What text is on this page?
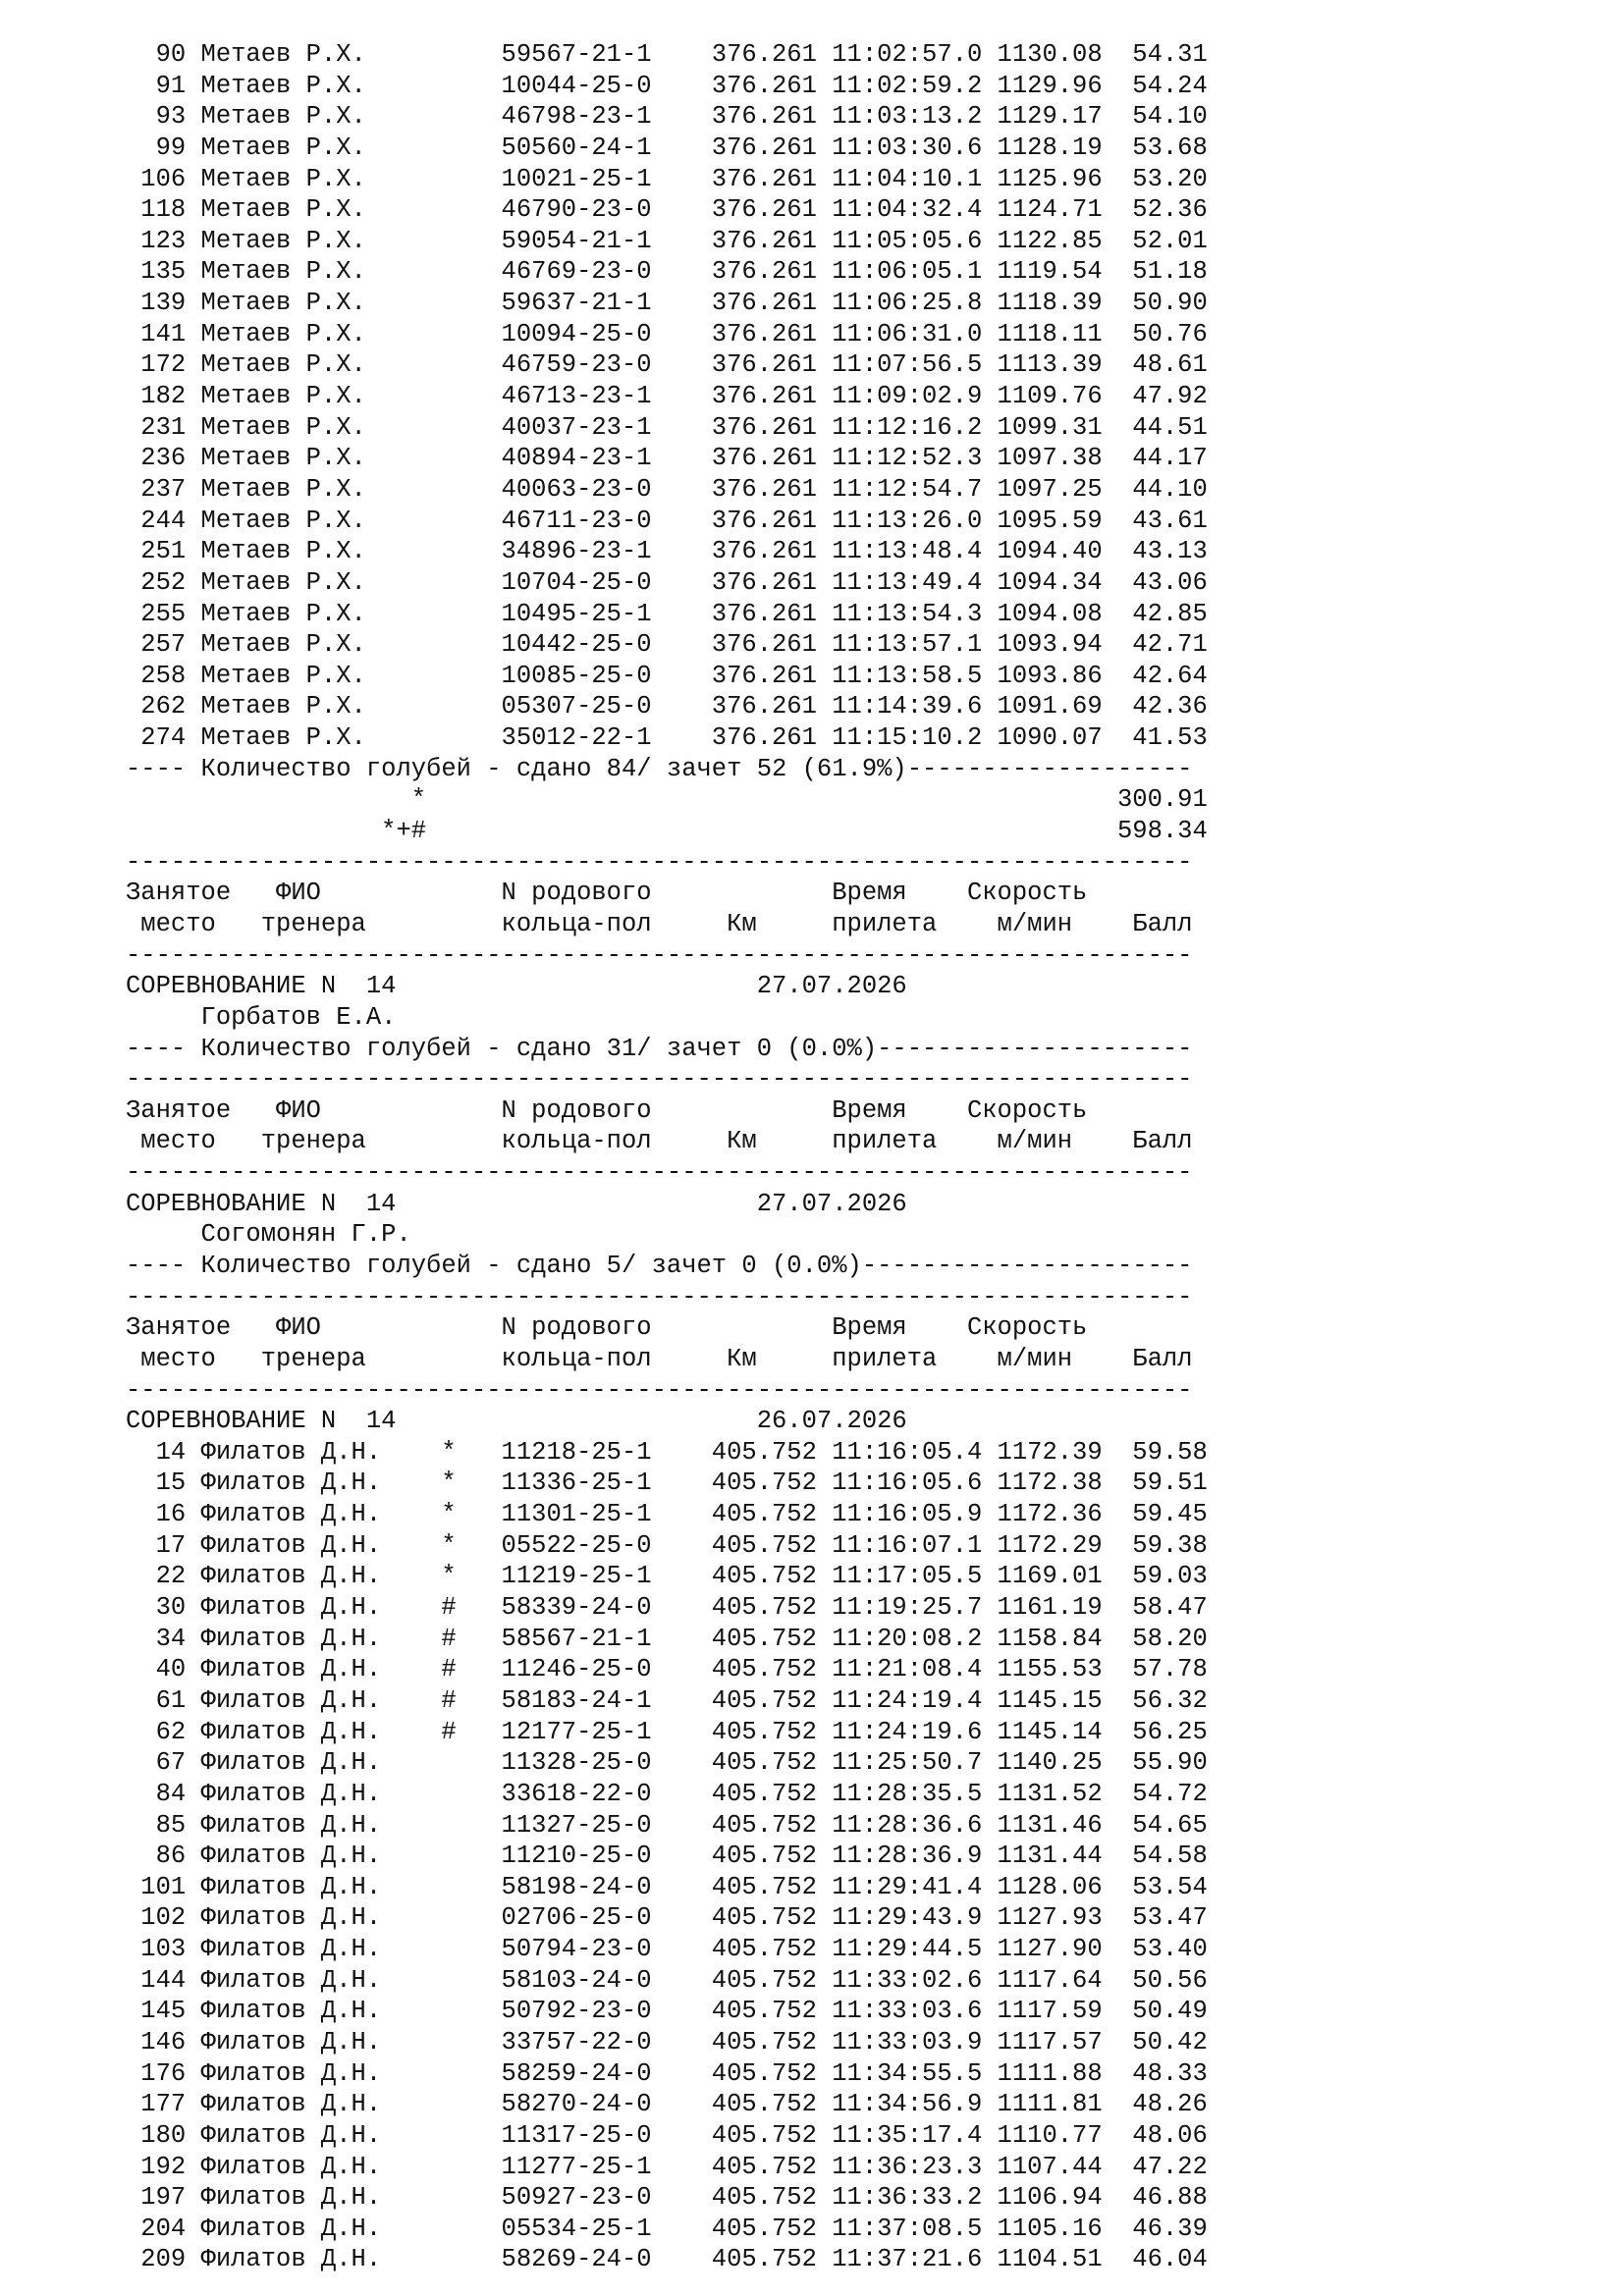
90 Метаев Р.Х.         59567-21-1    376.261 11:02:57.0 1130.08  54.31
91 Метаев Р.Х.         10044-25-0    376.261 11:02:59.2 1129.96  54.24
93 Метаев Р.Х.         46798-23-1    376.261 11:03:13.2 1129.17  54.10
99 Метаев Р.Х.         50560-24-1    376.261 11:03:30.6 1128.19  53.68
106 Метаев Р.Х.         10021-25-1    376.261 11:04:10.1 1125.96  53.20
118 Метаев Р.Х.         46790-23-0    376.261 11:04:32.4 1124.71  52.36
123 Метаев Р.Х.         59054-21-1    376.261 11:05:05.6 1122.85  52.01
135 Метаев Р.Х.         46769-23-0    376.261 11:06:05.1 1119.54  51.18
139 Метаев Р.Х.         59637-21-1    376.261 11:06:25.8 1118.39  50.90
141 Метаев Р.Х.         10094-25-0    376.261 11:06:31.0 1118.11  50.76
172 Метаев Р.Х.         46759-23-0    376.261 11:07:56.5 1113.39  48.61
182 Метаев Р.Х.         46713-23-1    376.261 11:09:02.9 1109.76  47.92
231 Метаев Р.Х.         40037-23-1    376.261 11:12:16.2 1099.31  44.51
236 Метаев Р.Х.         40894-23-1    376.261 11:12:52.3 1097.38  44.17
237 Метаев Р.Х.         40063-23-0    376.261 11:12:54.7 1097.25  44.10
244 Метаев Р.Х.         46711-23-0    376.261 11:13:26.0 1095.59  43.61
251 Метаев Р.Х.         34896-23-1    376.261 11:13:48.4 1094.40  43.13
252 Метаев Р.Х.         10704-25-0    376.261 11:13:49.4 1094.34  43.06
255 Метаев Р.Х.         10495-25-1    376.261 11:13:54.3 1094.08  42.85
257 Метаев Р.Х.         10442-25-0    376.261 11:13:57.1 1093.94  42.71
258 Метаев Р.Х.         10085-25-0    376.261 11:13:58.5 1093.86  42.64
262 Метаев Р.Х.         05307-25-0    376.261 11:14:39.6 1091.69  42.36
274 Метаев Р.Х.         35012-22-1    376.261 11:15:10.2 1090.07  41.53
---- Количество голубей - сдано 84/ зачет 52 (61.9%)-------------------
*                                              300.91
*+#                                              598.34
-----------------------------------------------------------------------
Занятое   ФИО            N родового            Время    Скорость
место   тренера         кольца-пол     Км     прилета    м/мин    Балл
-----------------------------------------------------------------------
СОРЕВНОВАНИЕ N  14                        27.07.2026
Горбатов Е.А.
---- Количество голубей - сдано 31/ зачет 0 (0.0%)---------------------
-----------------------------------------------------------------------
Занятое   ФИО            N родового            Время    Скорость
место   тренера         кольца-пол     Км     прилета    м/мин    Балл
-----------------------------------------------------------------------
СОРЕВНОВАНИЕ N  14                        27.07.2026
Согомонян Г.Р.
---- Количество голубей - сдано 5/ зачет 0 (0.0%)----------------------
-----------------------------------------------------------------------
Занятое   ФИО            N родового            Время    Скорость
место   тренера         кольца-пол     Км     прилета    м/мин    Балл
-----------------------------------------------------------------------
СОРЕВНОВАНИЕ N  14                        26.07.2026
14 Филатов Д.Н.    *   11218-25-1    405.752 11:16:05.4 1172.39  59.58
15 Филатов Д.Н.    *   11336-25-1    405.752 11:16:05.6 1172.38  59.51
16 Филатов Д.Н.    *   11301-25-1    405.752 11:16:05.9 1172.36  59.45
17 Филатов Д.Н.    *   05522-25-0    405.752 11:16:07.1 1172.29  59.38
22 Филатов Д.Н.    *   11219-25-1    405.752 11:17:05.5 1169.01  59.03
30 Филатов Д.Н.    #   58339-24-0    405.752 11:19:25.7 1161.19  58.47
34 Филатов Д.Н.    #   58567-21-1    405.752 11:20:08.2 1158.84  58.20
40 Филатов Д.Н.    #   11246-25-0    405.752 11:21:08.4 1155.53  57.78
61 Филатов Д.Н.    #   58183-24-1    405.752 11:24:19.4 1145.15  56.32
62 Филатов Д.Н.    #   12177-25-1    405.752 11:24:19.6 1145.14  56.25
67 Филатов Д.Н.        11328-25-0    405.752 11:25:50.7 1140.25  55.90
84 Филатов Д.Н.        33618-22-0    405.752 11:28:35.5 1131.52  54.72
85 Филатов Д.Н.        11327-25-0    405.752 11:28:36.6 1131.46  54.65
86 Филатов Д.Н.        11210-25-0    405.752 11:28:36.9 1131.44  54.58
101 Филатов Д.Н.        58198-24-0    405.752 11:29:41.4 1128.06  53.54
102 Филатов Д.Н.        02706-25-0    405.752 11:29:43.9 1127.93  53.47
103 Филатов Д.Н.        50794-23-0    405.752 11:29:44.5 1127.90  53.40
144 Филатов Д.Н.        58103-24-0    405.752 11:33:02.6 1117.64  50.56
145 Филатов Д.Н.        50792-23-0    405.752 11:33:03.6 1117.59  50.49
146 Филатов Д.Н.        33757-22-0    405.752 11:33:03.9 1117.57  50.42
176 Филатов Д.Н.        58259-24-0    405.752 11:34:55.5 1111.88  48.33
177 Филатов Д.Н.        58270-24-0    405.752 11:34:56.9 1111.81  48.26
180 Филатов Д.Н.        11317-25-0    405.752 11:35:17.4 1110.77  48.06
192 Филатов Д.Н.        11277-25-1    405.752 11:36:23.3 1107.44  47.22
197 Филатов Д.Н.        50927-23-0    405.752 11:36:33.2 1106.94  46.88
204 Филатов Д.Н.        05534-25-1    405.752 11:37:08.5 1105.16  46.39
209 Филатов Д.Н.        58269-24-0    405.752 11:37:21.6 1104.51  46.04
